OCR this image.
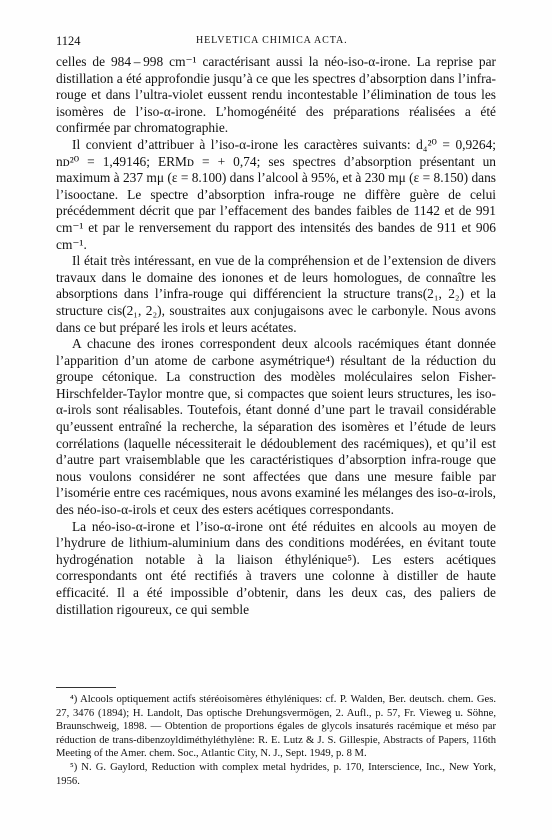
1124	HELVETICA CHIMICA ACTA.

celles de 984 – 998 cm⁻¹ caractérisant aussi la néo-iso-α-irone. La reprise par distillation a été approfondie jusqu’à ce que les spectres d’absorption dans l’infra-rouge et dans l’ultra-violet eussent rendu incontestable l’élimination de tous les isomères de l’iso-α-irone. L’homogénéité des préparations réalisées a été confirmée par chromatographie.

Il convient d’attribuer à l’iso-α-irone les caractères suivants: d₄²⁰ = 0,9264; nᴅ²⁰ = 1,49146; ERMᴅ = + 0,74; ses spectres d’absorption présentant un maximum à 237 mμ (ε = 8.100) dans l’alcool à 95%, et à 230 mμ (ε = 8.150) dans l’isooctane. Le spectre d’absorption infra-rouge ne diffère guère de celui précédemment décrit que par l’effacement des bandes faibles de 1142 et de 991 cm⁻¹ et par le renversement du rapport des intensités des bandes de 911 et 906 cm⁻¹.

Il était très intéressant, en vue de la compréhension et de l’extension de divers travaux dans le domaine des ionones et de leurs homologues, de connaître les absorptions dans l’infra-rouge qui différencient la structure trans(2₁, 2₂) et la structure cis(2₁, 2₂), soustraites aux conjugaisons avec le carbonyle. Nous avons dans ce but préparé les irols et leurs acétates.

A chacune des irones correspondent deux alcools racémiques étant donnée l’apparition d’un atome de carbone asymétrique⁴) résultant de la réduction du groupe cétonique. La construction des modèles moléculaires selon Fisher-Hirschfelder-Taylor montre que, si compactes que soient leurs structures, les iso-α-irols sont réalisables. Toutefois, étant donné d’une part le travail considérable qu’eussent entraîné la recherche, la séparation des isomères et l’étude de leurs corrélations (laquelle nécessiterait le dédoublement des racémiques), et qu’il est d’autre part vraisemblable que les caractéristiques d’absorption infra-rouge que nous voulons considérer ne sont affectées que dans une mesure faible par l’isomérie entre ces racémiques, nous avons examiné les mélanges des iso-α-irols, des néo-iso-α-irols et ceux des esters acétiques correspondants.

La néo-iso-α-irone et l’iso-α-irone ont été réduites en alcools au moyen de l’hydrure de lithium-aluminium dans des conditions modérées, en évitant toute hydrogénation notable à la liaison éthylénique⁵). Les esters acétiques correspondants ont été rectifiés à travers une colonne à distiller de haute efficacité. Il a été impossible d’obtenir, dans les deux cas, des paliers de distillation rigoureux, ce qui semble

⁴) Alcools optiquement actifs stéréoisomères éthyléniques: cf. P. Walden, Ber. deutsch. chem. Ges. 27, 3476 (1894); H. Landolt, Das optische Drehungsvermögen, 2. Aufl., p. 57, Fr. Vieweg u. Söhne, Braunschweig, 1898. — Obtention de proportions égales de glycols insaturés racémique et méso par réduction de trans-dibenzoyldiméthyléthylène: R. E. Lutz & J. S. Gillespie, Abstracts of Papers, 116th Meeting of the Amer. chem. Soc., Atlantic City, N. J., Sept. 1949, p. 8 M.

⁵) N. G. Gaylord, Reduction with complex metal hydrides, p. 170, Interscience, Inc., New York, 1956.
